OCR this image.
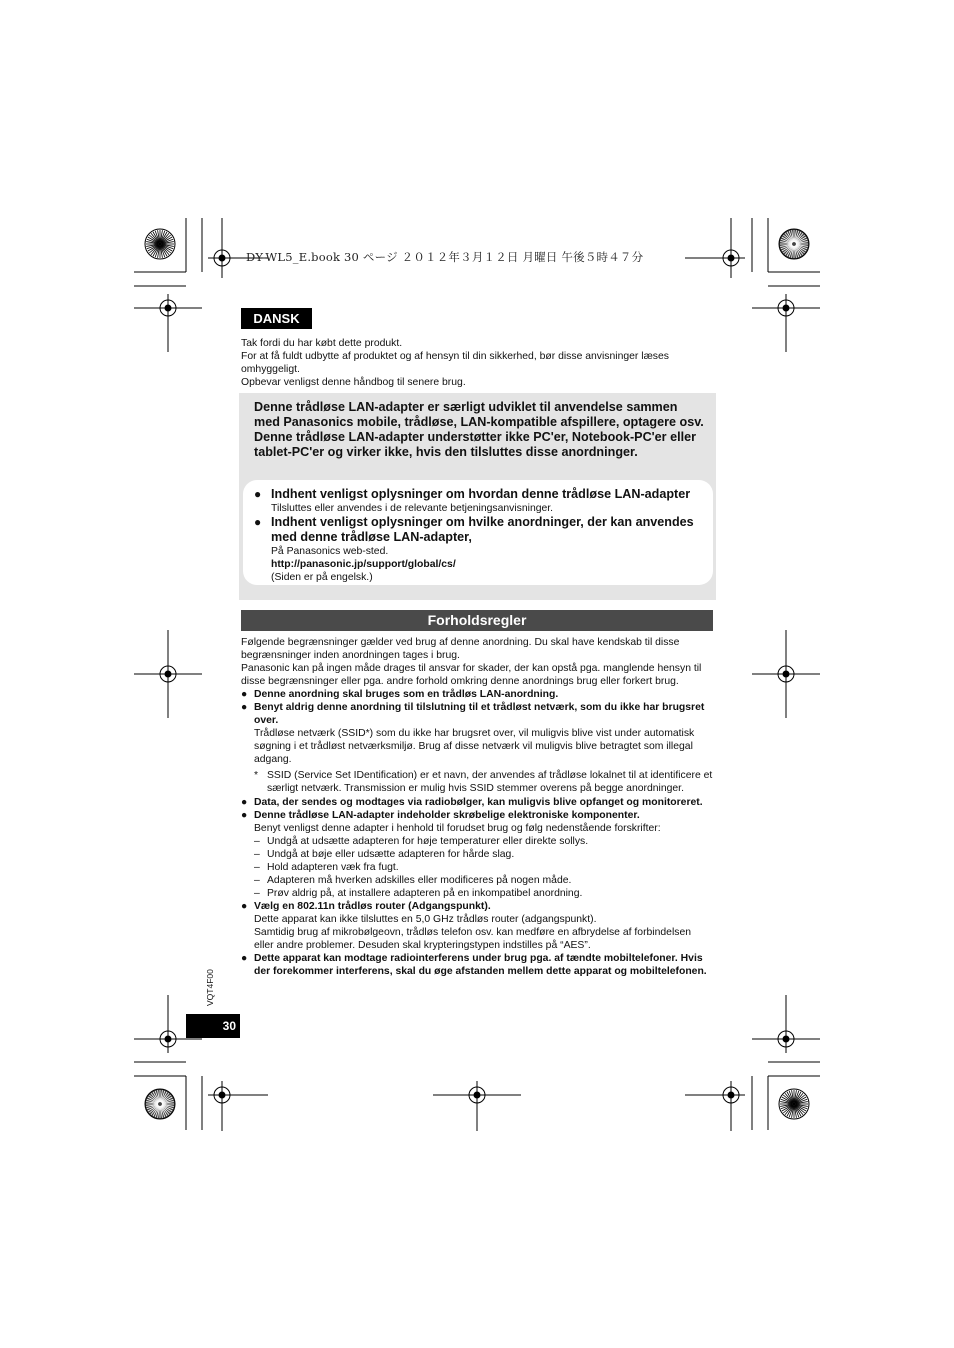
DY-WL5_E.book 30 ページ ２０１２年３月１２日 月曜日 午後５時４７分
DANSK

Tak fordi du har købt dette produkt.

For at få fuldt udbytte af produktet og af hensyn til din sikkerhed, bør disse anvisninger læses omhyggeligt.

Opbevar venligst denne håndbog til senere brug.

Denne trådløse LAN-adapter er særligt udviklet til anvendelse sammen med Panasonics mobile, trådløse, LAN-kompatible afspillere, optagere osv.

Denne trådløse LAN-adapter understøtter ikke PC'er, Notebook-PC'er eller tablet-PC'er og virker ikke, hvis den tilsluttes disse anordninger.

● Indhent venligst oplysninger om hvordan denne trådløse LAN-adapter
Tilsluttes eller anvendes i de relevante betjeningsanvisninger.
● Indhent venligst oplysninger om hvilke anordninger, der kan anvendes med denne trådløse LAN-adapter,
På Panasonics web-sted.
http://panasonic.jp/support/global/cs/
(Siden er på engelsk.)
Forholdsregler

Følgende begrænsninger gælder ved brug af denne anordning. Du skal have kendskab til disse begrænsninger inden anordningen tages i brug.

Panasonic kan på ingen måde drages til ansvar for skader, der kan opstå pga. manglende hensyn til disse begrænsninger eller pga. andre forhold omkring denne anordnings brug eller forkert brug.

● Denne anordning skal bruges som en trådløs LAN-anordning.
● Benyt aldrig denne anordning til tilslutning til et trådløst netværk, som du ikke har brugsret over.
Trådløse netværk (SSID*) som du ikke har brugsret over, vil muligvis blive vist under automatisk søgning i et trådløst netværksmiljø. Brug af disse netværk vil muligvis blive betragtet som illegal adgang.
* SSID (Service Set IDentification) er et navn, der anvendes af trådløse lokalnet til at identificere et særligt netværk. Transmission er mulig hvis SSID stemmer overens på begge anordninger.
● Data, der sendes og modtages via radiobølger, kan muligvis blive opfanget og monitoreret.
● Denne trådløse LAN-adapter indeholder skrøbelige elektroniske komponenter.
Benyt venligst denne adapter i henhold til forudset brug og følg nedenstående forskrifter:
– Undgå at udsætte adapteren for høje temperaturer eller direkte sollys.
– Undgå at bøje eller udsætte adapteren for hårde slag.
– Hold adapteren væk fra fugt.
– Adapteren må hverken adskilles eller modificeres på nogen måde.
– Prøv aldrig på, at installere adapteren på en inkompatibel anordning.
● Vælg en 802.11n trådløs router (Adgangspunkt).
Dette apparat kan ikke tilsluttes en 5,0 GHz trådløs router (adgangspunkt).
Samtidig brug af mikrobølgeovn, trådløs telefon osv. kan medføre en afbrydelse af forbindelsen eller andre problemer. Desuden skal krypteringstypen indstilles på “AES”.
● Dette apparat kan modtage radiointerferens under brug pga. af tændte mobiltelefoner. Hvis der forekommer interferens, skal du øge afstanden mellem dette apparat og mobiltelefonen.
VQT4F00
30
